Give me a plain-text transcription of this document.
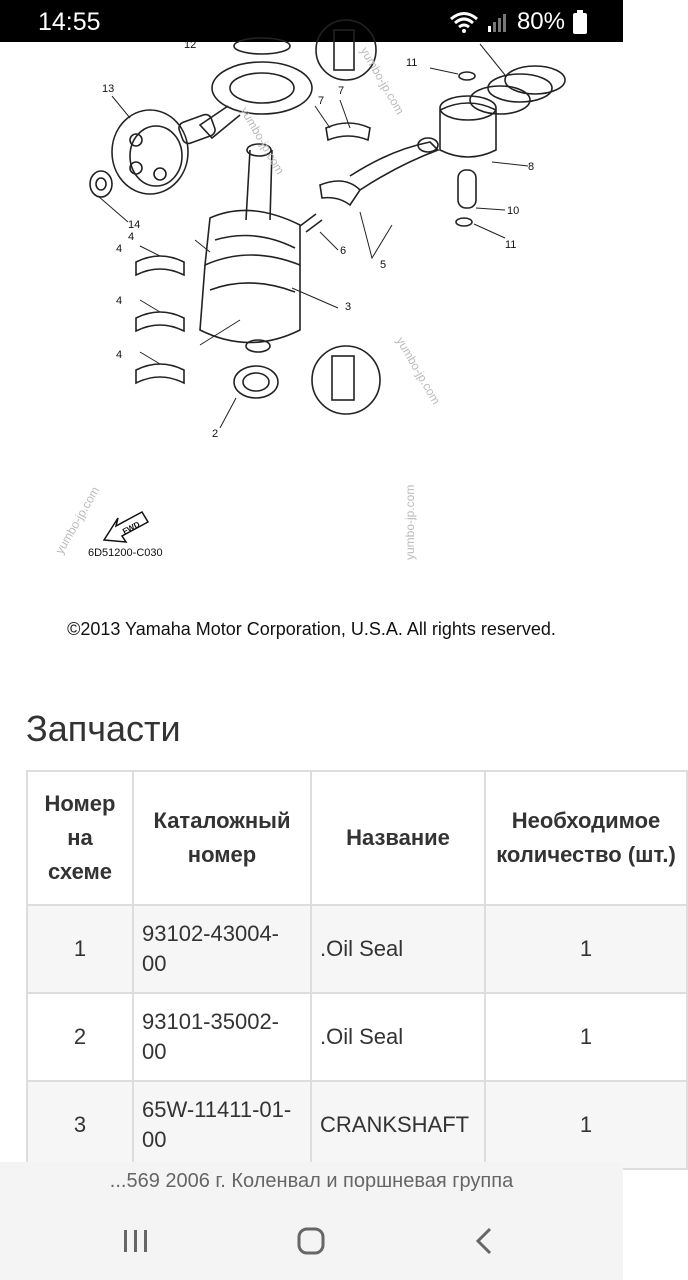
14:55	80%
12
13
14
4
4
4
4
7
7
11
8
10
11
6
5
3
2
6D51200-C030
FWD
yumbo-jp.com
yumbo-jp.com
yumbo-jp.com
yumbo-jp.com
yumbo-jp.com
©2013 Yamaha Motor Corporation, U.S.A. All rights reserved.
Запчасти
Номер на схеме	Каталожный номер	Название	Необходимое количество (шт.)
1	93102-43004-00	.Oil Seal	1
2	93101-35002-00	.Oil Seal	1
3	65W-11411-01-00	CRANKSHAFT	1
...569 2006 г. Коленвал и поршневая группа
